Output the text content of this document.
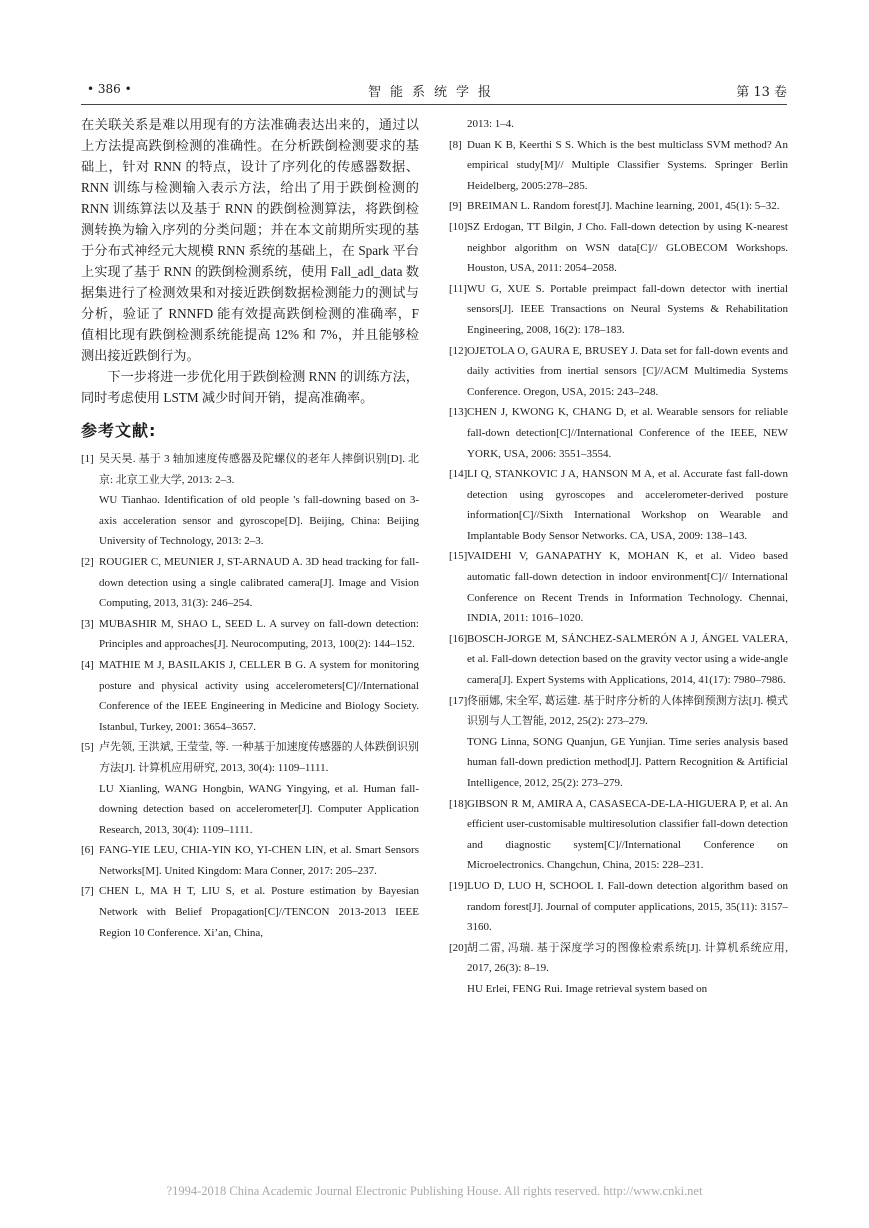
• 386 •	智能系统学报	第 13 卷

在关联关系是难以用现有的方法准确表达出来的，通过以上方法提高跌倒检测的准确性。在分析跌倒检测要求的基础上，针对 RNN 的特点，设计了序列化的传感器数据、RNN 训练与检测输入表示方法，给出了用于跌倒检测的 RNN 训练算法以及基于 RNN 的跌倒检测算法，将跌倒检测转换为输入序列的分类问题；并在本文前期所实现的基于分布式神经元大规模 RNN 系统的基础上，在 Spark 平台上实现了基于 RNN 的跌倒检测系统，使用 Fall_adl_data 数据集进行了检测效果和对接近跌倒数据检测能力的测试与分析，验证了 RNNFD 能有效提高跌倒检测的准确率，F 值相比现有跌倒检测系统能提高 12% 和 7%，并且能够检测出接近跌倒行为。

下一步将进一步优化用于跌倒检测 RNN 的训练方法，同时考虑使用 LSTM 减少时间开销，提高准确率。

参考文献:
[1] 吴天昊. 基于 3 轴加速度传感器及陀螺仪的老年人摔倒识别[D]. 北京: 北京工业大学, 2013: 2–3.
WU Tianhao. Identification of old people 's fall-downing based on 3-axis acceleration sensor and gyroscope[D]. Beijing, China: Beijing University of Technology, 2013: 2–3.
[2] ROUGIER C, MEUNIER J, ST-ARNAUD A. 3D head tracking for fall-down detection using a single calibrated camera[J]. Image and Vision Computing, 2013, 31(3): 246–254.
[3] MUBASHIR M, SHAO L, SEED L. A survey on fall-down detection: Principles and approaches[J]. Neurocomputing, 2013, 100(2): 144–152.
[4] MATHIE M J, BASILAKIS J, CELLER B G. A system for monitoring posture and physical activity using accelerometers[C]//International Conference of the IEEE Engineering in Medicine and Biology Society. Istanbul, Turkey, 2001: 3654–3657.
[5] 卢先领, 王洪斌, 王莹莹, 等. 一种基于加速度传感器的人体跌倒识别方法[J]. 计算机应用研究, 2013, 30(4): 1109–1111.
LU Xianling, WANG Hongbin, WANG Yingying, et al. Human fall-downing detection based on accelerometer[J]. Computer Application Research, 2013, 30(4): 1109–1111.
[6] FANG-YIE LEU, CHIA-YIN KO, YI-CHEN LIN, et al. Smart Sensors Networks[M]. United Kingdom: Mara Conner, 2017: 205–237.
[7] CHEN L, MA H T, LIU S, et al. Posture estimation by Bayesian Network with Belief Propagation[C]//TENCON 2013-2013 IEEE Region 10 Conference. Xi’an, China,
2013: 1–4.
[8] Duan K B, Keerthi S S. Which is the best multiclass SVM method? An empirical study[M]// Multiple Classifier Systems. Springer Berlin Heidelberg, 2005:278–285.
[9] BREIMAN L. Random forest[J]. Machine learning, 2001, 45(1): 5–32.
[10] SZ Erdogan, TT Bilgin, J Cho. Fall-down detection by using K-nearest neighbor algorithm on WSN data[C]// GLOBECOM Workshops. Houston, USA, 2011: 2054–2058.
[11] WU G, XUE S. Portable preimpact fall-down detector with inertial sensors[J]. IEEE Transactions on Neural Systems & Rehabilitation Engineering, 2008, 16(2): 178–183.
[12] OJETOLA O, GAURA E, BRUSEY J. Data set for fall-down events and daily activities from inertial sensors [C]//ACM Multimedia Systems Conference. Oregon, USA, 2015: 243–248.
[13] CHEN J, KWONG K, CHANG D, et al. Wearable sensors for reliable fall-down detection[C]//International Conference of the IEEE, NEW YORK, USA, 2006: 3551–3554.
[14] LI Q, STANKOVIC J A, HANSON M A, et al. Accurate fast fall-down detection using gyroscopes and accelerometer-derived posture information[C]//Sixth International Workshop on Wearable and Implantable Body Sensor Networks. CA, USA, 2009: 138–143.
[15] VAIDEHI V, GANAPATHY K, MOHAN K, et al. Video based automatic fall-down detection in indoor environment[C]// International Conference on Recent Trends in Information Technology. Chennai, INDIA, 2011: 1016–1020.
[16] BOSCH-JORGE M, SÁNCHEZ-SALMERÓN A J, ÁNGEL VALERA, et al. Fall-down detection based on the gravity vector using a wide-angle camera[J]. Expert Systems with Applications, 2014, 41(17): 7980–7986.
[17] 佟丽娜, 宋全军, 葛运建. 基于时序分析的人体摔倒预测方法[J]. 模式识别与人工智能, 2012, 25(2): 273–279.
TONG Linna, SONG Quanjun, GE Yunjian. Time series analysis based human fall-down prediction method[J]. Pattern Recognition & Artificial Intelligence, 2012, 25(2): 273–279.
[18] GIBSON R M, AMIRA A, CASASECA-DE-LA-HIGUERA P, et al. An efficient user-customisable multiresolution classifier fall-down detection and diagnostic system[C]//International Conference on Microelectronics. Changchun, China, 2015: 228–231.
[19] LUO D, LUO H, SCHOOL I. Fall-down detection algorithm based on random forest[J]. Journal of computer applications, 2015, 35(11): 3157–3160.
[20] 胡二雷, 冯瑞. 基于深度学习的图像检索系统[J]. 计算机系统应用, 2017, 26(3): 8–19.
HU Erlei, FENG Rui. Image retrieval system based on
?1994-2018 China Academic Journal Electronic Publishing House. All rights reserved. http://www.cnki.net
